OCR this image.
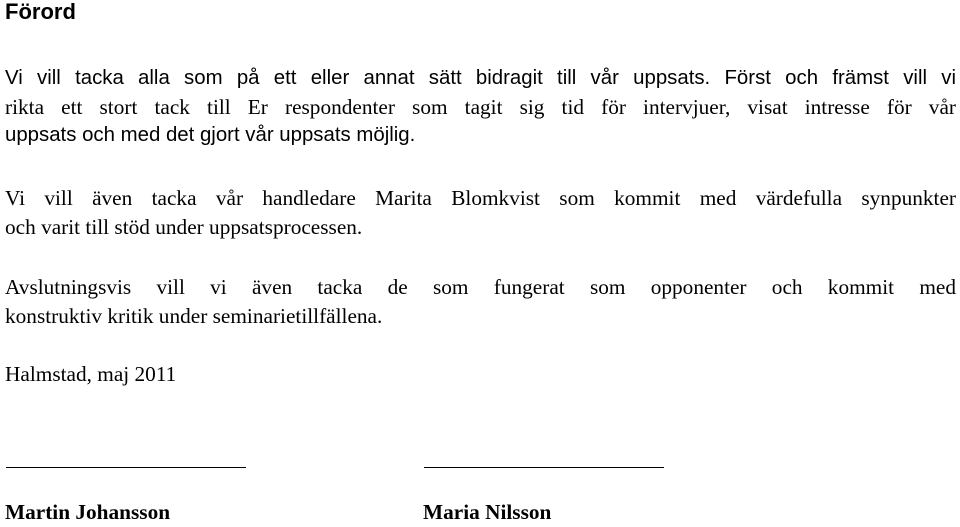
Förord
Vi vill tacka alla som på ett eller annat sätt bidragit till vår uppsats. Först och främst vill vi
rikta ett stort tack till Er respondenter som tagit sig tid för intervjuer, visat intresse för vår
uppsats och med det gjort vår uppsats möjlig.
Vi vill även tacka vår handledare Marita Blomkvist som kommit med värdefulla synpunkter
och varit till stöd under uppsatsprocessen.
Avslutningsvis vill vi även tacka de som fungerat som opponenter och kommit med
konstruktiv kritik under seminarietillfällena.

Halmstad, maj 2011

Martin Johansson	Maria Nilsson
